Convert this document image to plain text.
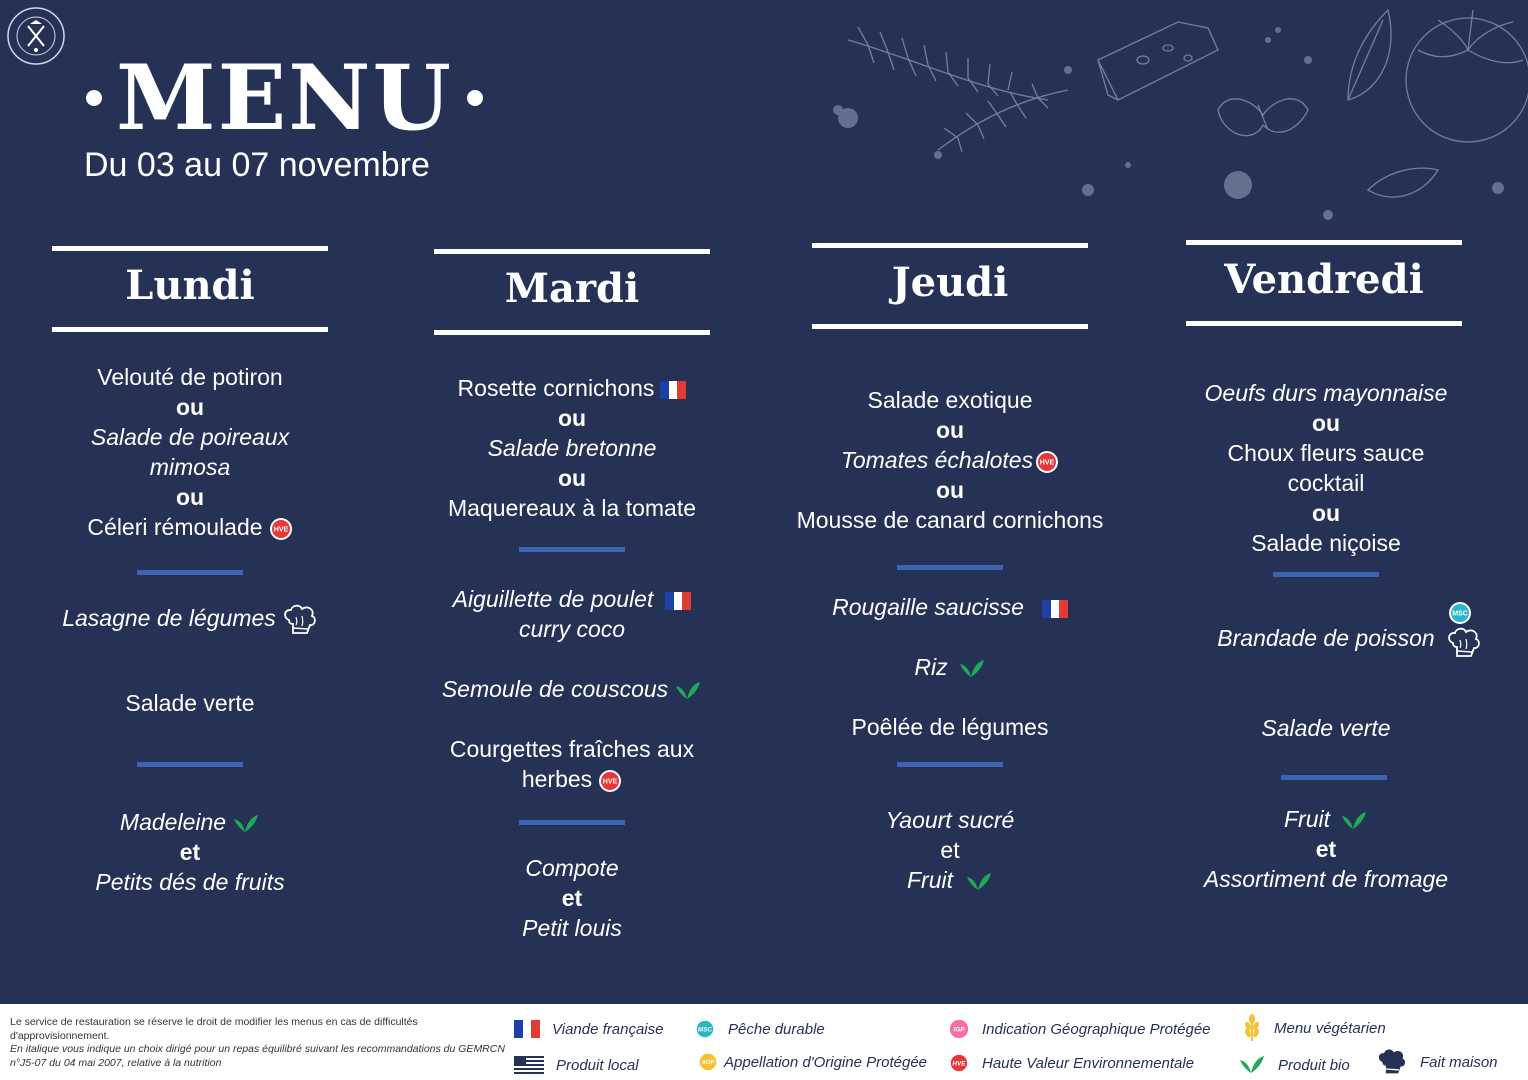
MENU
Du 03 au 07 novembre
Lundi
Velouté de potiron
ou
Salade de poireaux
mimosa
ou
Céleri rémoulade
Lasagne de légumes
Salade verte
Madeleine
et
Petits dés de fruits
Mardi
Rosette cornichons
ou
Salade bretonne
ou
Maquereaux à la tomate
Aiguillette de poulet
curry coco
Semoule de couscous
Courgettes fraîches aux
herbes
Compote
et
Petit louis
Jeudi
Salade exotique
ou
Tomates échalotes
ou
Mousse de canard cornichons
Rougaille saucisse
Riz
Poêlée de légumes
Yaourt sucré
et
Fruit
Vendredi
Oeufs durs mayonnaise
ou
Choux fleurs sauce
cocktail
ou
Salade niçoise
Brandade de poisson
Salade verte
Fruit
et
Assortiment de fromage
Le service de restauration se réserve le droit de modifier les menus en cas de difficultés d'approvisionnement.
En italique vous indique un choix dirigé pour un repas équilibré suivant les recommandations du GEMRCN n°J5-07 du 04 mai 2007, relative à la nutrition
Viande française
Produit local
Pêche durable
Appellation d'Origine Protégée
Indication Géographique Protégée
Haute Valeur Environnementale
Menu végétarien
Produit bio	Fait maison
